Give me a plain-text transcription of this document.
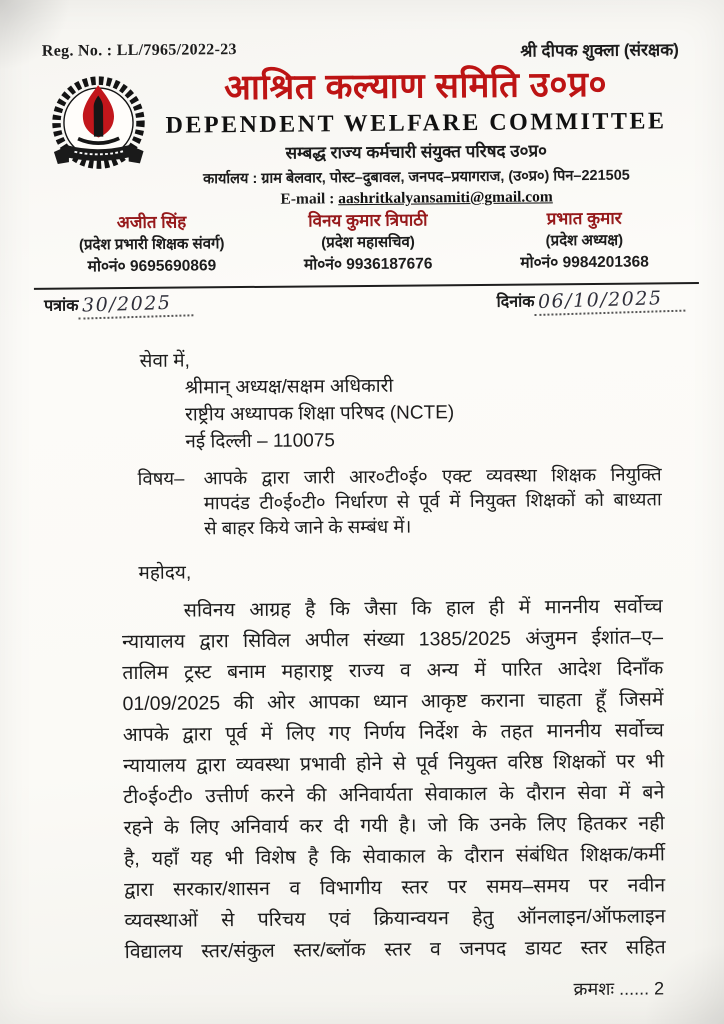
Reg. No. : LL/7965/2022-23	श्री दीपक शुक्ला (संरक्षक)
आश्रित कल्याण समिति उ०प्र०
DEPENDENT WELFARE COMMITTEE
सम्बद्ध राज्य कर्मचारी संयुक्त परिषद उ०प्र०
कार्यालय : ग्राम बेलवार, पोस्ट–दुबावल, जनपद–प्रयागराज, (उ०प्र०) पिन–221505
E-mail : aashritkalyansamiti@gmail.com
अजीत सिंह
(प्रदेश प्रभारी शिक्षक संवर्ग)
मो०नं० 9695690869
विनय कुमार त्रिपाठी
(प्रदेश महासचिव)
मो०नं० 9936187676
प्रभात कुमार
(प्रदेश अध्यक्ष)
मो०नं० 9984201368
पत्रांक 30/2025	दिनांक 06/10/2025
सेवा में,
श्रीमान् अध्यक्ष/सक्षम अधिकारी
राष्ट्रीय अध्यापक शिक्षा परिषद (NCTE)
नई दिल्ली – 110075
विषय–	आपके द्वारा जारी आर०टी०ई० एक्ट व्यवस्था शिक्षक नियुक्ति
मापदंड टी०ई०टी० निर्धारण से पूर्व में नियुक्त शिक्षकों को बाध्यता
से बाहर किये जाने के सम्बंध में।
महोदय,
सविनय आग्रह है कि जैसा कि हाल ही में माननीय सर्वोच्च
न्यायालय द्वारा सिविल अपील संख्या 1385/2025 अंजुमन ईशांत–ए–
तालिम ट्रस्ट बनाम महाराष्ट्र राज्य व अन्य में पारित आदेश दिनाँक
01/09/2025 की ओर आपका ध्यान आकृष्ट कराना चाहता हूँ जिसमें
आपके द्वारा पूर्व में लिए गए निर्णय निर्देश के तहत माननीय सर्वोच्च
न्यायालय द्वारा व्यवस्था प्रभावी होने से पूर्व नियुक्त वरिष्ठ शिक्षकों पर भी
टी०ई०टी० उत्तीर्ण करने की अनिवार्यता सेवाकाल के दौरान सेवा में बने
रहने के लिए अनिवार्य कर दी गयी है। जो कि उनके लिए हितकर नही
है, यहाँ यह भी विशेष है कि सेवाकाल के दौरान संबंधित शिक्षक/कर्मी
द्वारा सरकार/शासन व विभागीय स्तर पर समय–समय पर नवीन
व्यवस्थाओं से परिचय एवं क्रियान्वयन हेतु ऑनलाइन/ऑफलाइन
विद्यालय स्तर/संकुल स्तर/ब्लॉक स्तर व जनपद डायट स्तर सहित
क्रमशः ...... 2
